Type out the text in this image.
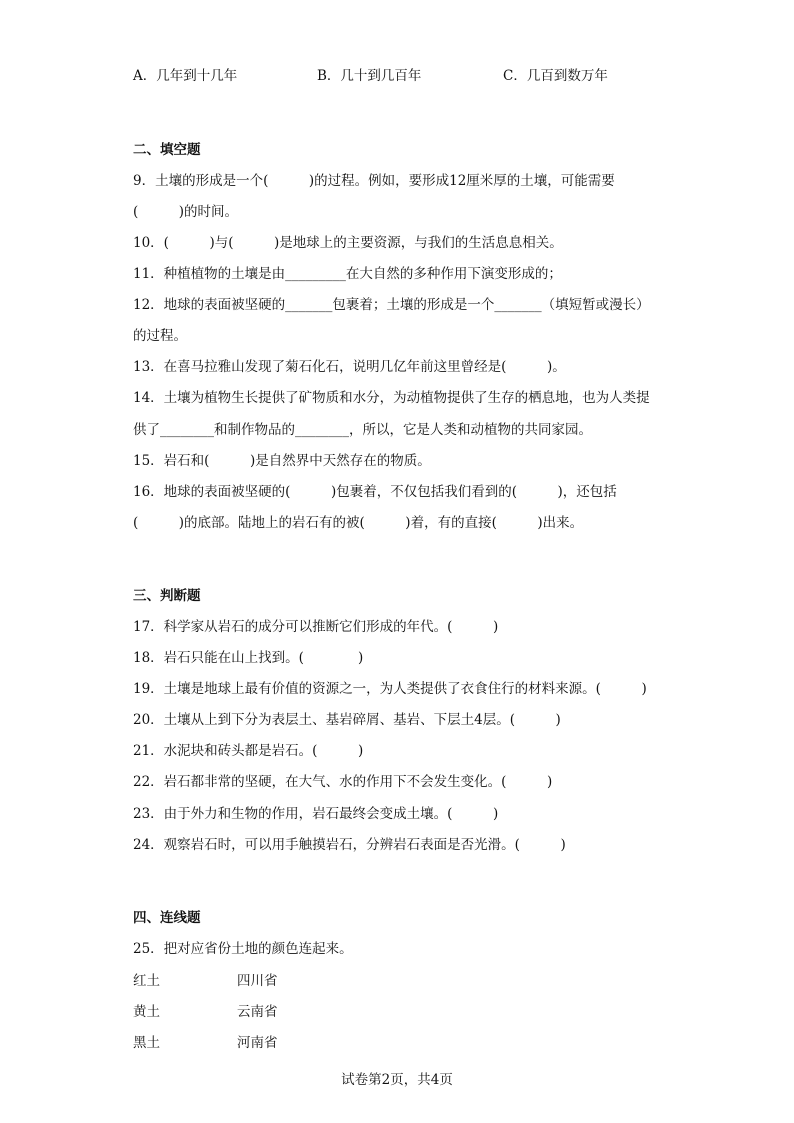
A．几年到十几年	B．几十到几百年	C．几百到数万年
二、填空题
9．土壤的形成是一个(　　　)的过程。例如，要形成12厘米厚的土壤，可能需要
(　　　)的时间。
10．(　　　)与(　　　)是地球上的主要资源，与我们的生活息息相关。
11．种植植物的土壤是由_________在大自然的多种作用下演变形成的；
12．地球的表面被坚硬的_______包裹着；土壤的形成是一个_______（填短暂或漫长）
的过程。
13．在喜马拉雅山发现了菊石化石，说明几亿年前这里曾经是(　　　)。
14．土壤为植物生长提供了矿物质和水分，为动植物提供了生存的栖息地，也为人类提
供了________和制作物品的________，所以，它是人类和动植物的共同家园。
15．岩石和(　　　)是自然界中天然存在的物质。
16．地球的表面被坚硬的(　　　)包裹着，不仅包括我们看到的(　　　)，还包括
(　　　)的底部。陆地上的岩石有的被(　　　)着，有的直接(　　　)出来。
三、判断题
17．科学家从岩石的成分可以推断它们形成的年代。(　　　)
18．岩石只能在山上找到。(　　　　)
19．土壤是地球上最有价值的资源之一，为人类提供了衣食住行的材料来源。(　　　)
20．土壤从上到下分为表层土、基岩碎屑、基岩、下层土4层。(　　　)
21．水泥块和砖头都是岩石。(　　　)
22．岩石都非常的坚硬，在大气、水的作用下不会发生变化。(　　　)
23．由于外力和生物的作用，岩石最终会变成土壤。(　　　)
24．观察岩石时，可以用手触摸岩石，分辨岩石表面是否光滑。(　　　)
四、连线题
25．把对应省份土地的颜色连起来。
红土	四川省
黄土	云南省
黑土	河南省
试卷第2页，共4页
